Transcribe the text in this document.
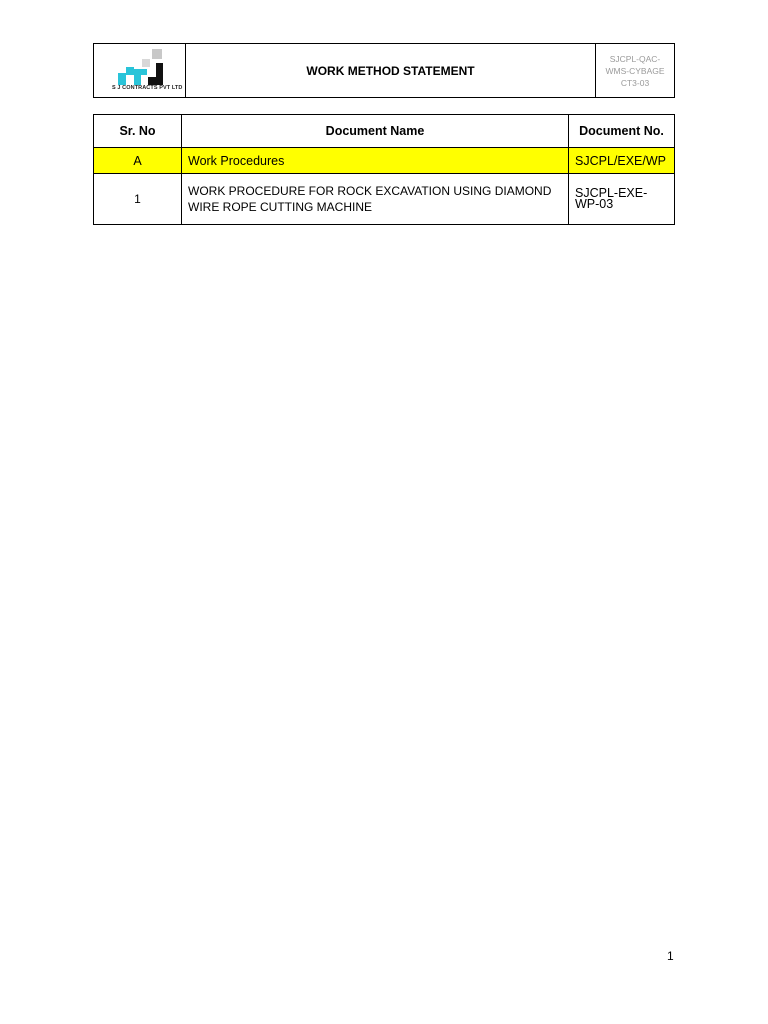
S J CONTRACTS PVT LTD
WORK METHOD STATEMENT
SJCPL-QAC-
WMS-CYBAGE
CT3-03
Sr. No	Document Name	Document No.
A	Work Procedures	SJCPL/EXE/WP
1	WORK PROCEDURE FOR ROCK EXCAVATION USING DIAMOND WIRE ROPE CUTTING MACHINE	SJCPL-EXE-WP-03
1
